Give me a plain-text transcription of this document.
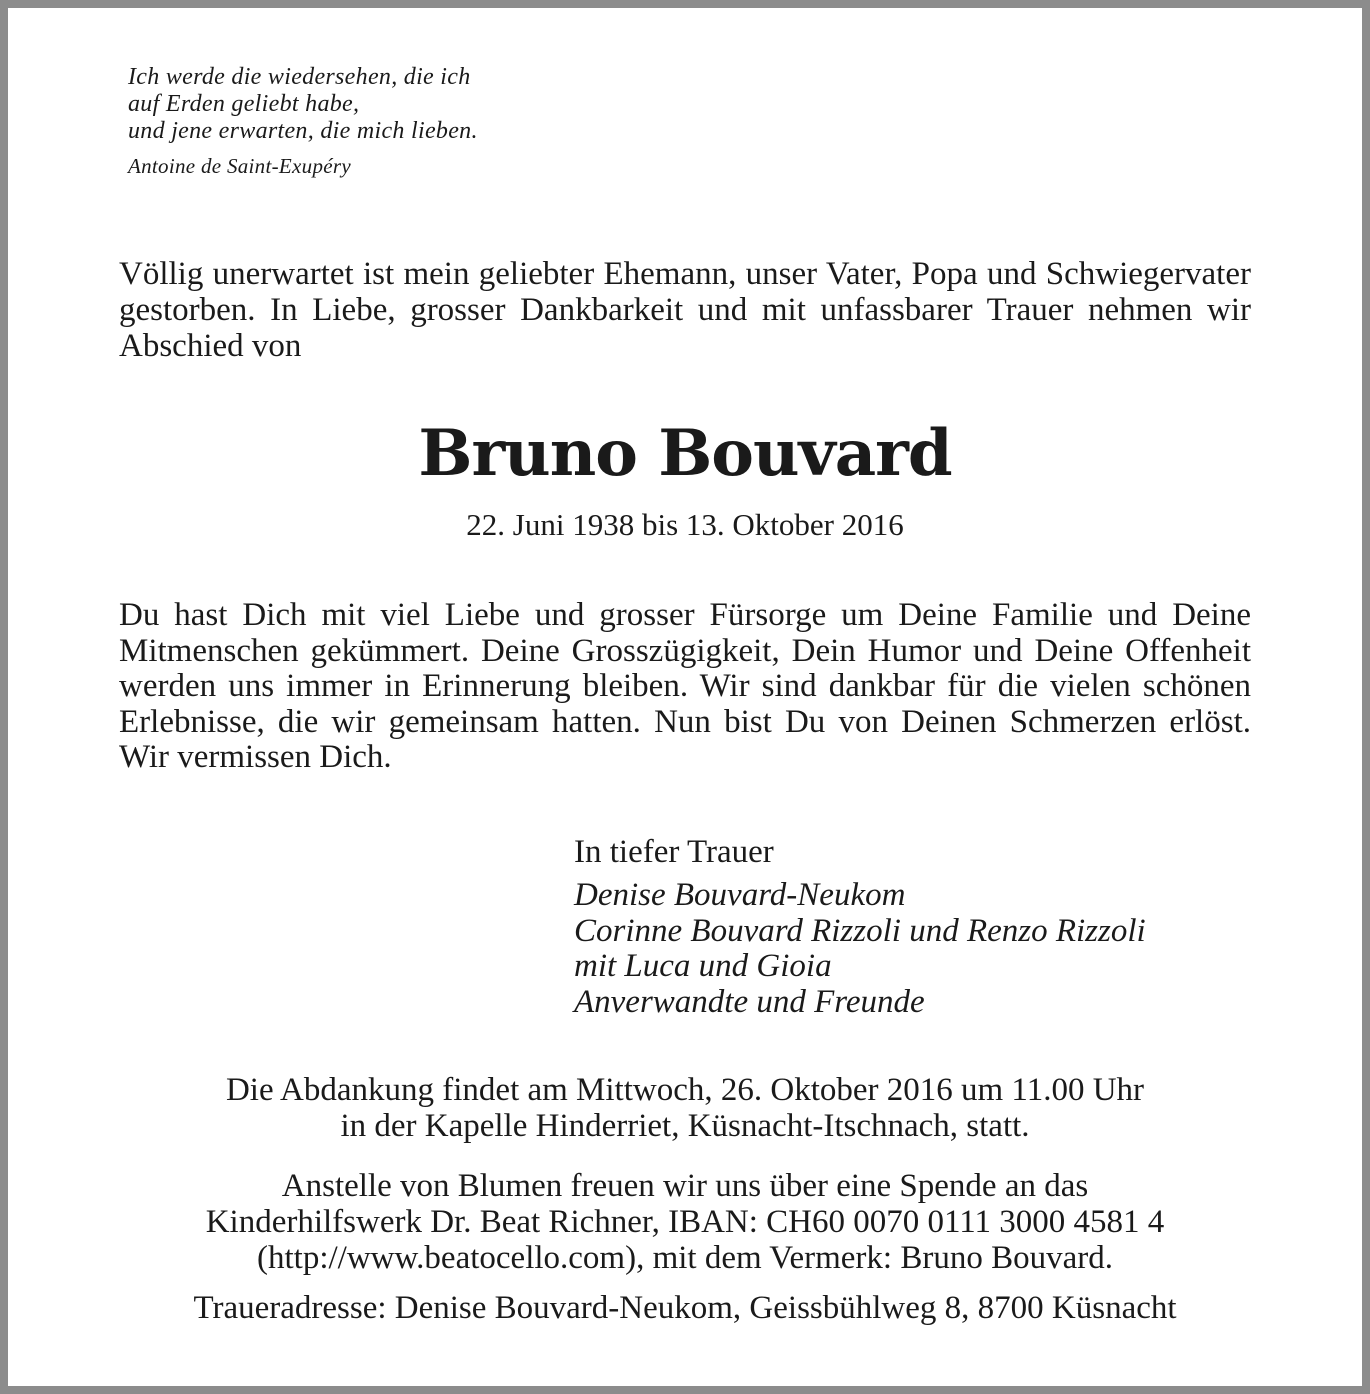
Ich werde die wiedersehen, die ich
auf Erden geliebt habe,
und jene erwarten, die mich lieben.
Antoine de Saint-Exupéry
Völlig unerwartet ist mein geliebter Ehemann, unser Vater, Popa und Schwiegervater gestorben. In Liebe, grosser Dankbarkeit und mit unfassbarer Trauer nehmen wir Abschied von
Bruno Bouvard
22. Juni 1938 bis 13. Oktober 2016
Du hast Dich mit viel Liebe und grosser Fürsorge um Deine Familie und Deine Mitmenschen gekümmert. Deine Grosszügigkeit, Dein Humor und Deine Offenheit werden uns immer in Erinnerung bleiben. Wir sind dankbar für die vielen schönen Erlebnisse, die wir gemeinsam hatten. Nun bist Du von Deinen Schmerzen erlöst. Wir vermissen Dich.
In tiefer Trauer
Denise Bouvard-Neukom
Corinne Bouvard Rizzoli und Renzo Rizzoli
mit Luca und Gioia
Anverwandte und Freunde
Die Abdankung findet am Mittwoch, 26. Oktober 2016 um 11.00 Uhr
in der Kapelle Hinderriet, Küsnacht-Itschnach, statt.
Anstelle von Blumen freuen wir uns über eine Spende an das
Kinderhilfswerk Dr. Beat Richner, IBAN: CH60 0070 0111 3000 4581 4
(http://www.beatocello.com), mit dem Vermerk: Bruno Bouvard.
Traueradresse: Denise Bouvard-Neukom, Geissbühlweg 8, 8700 Küsnacht
